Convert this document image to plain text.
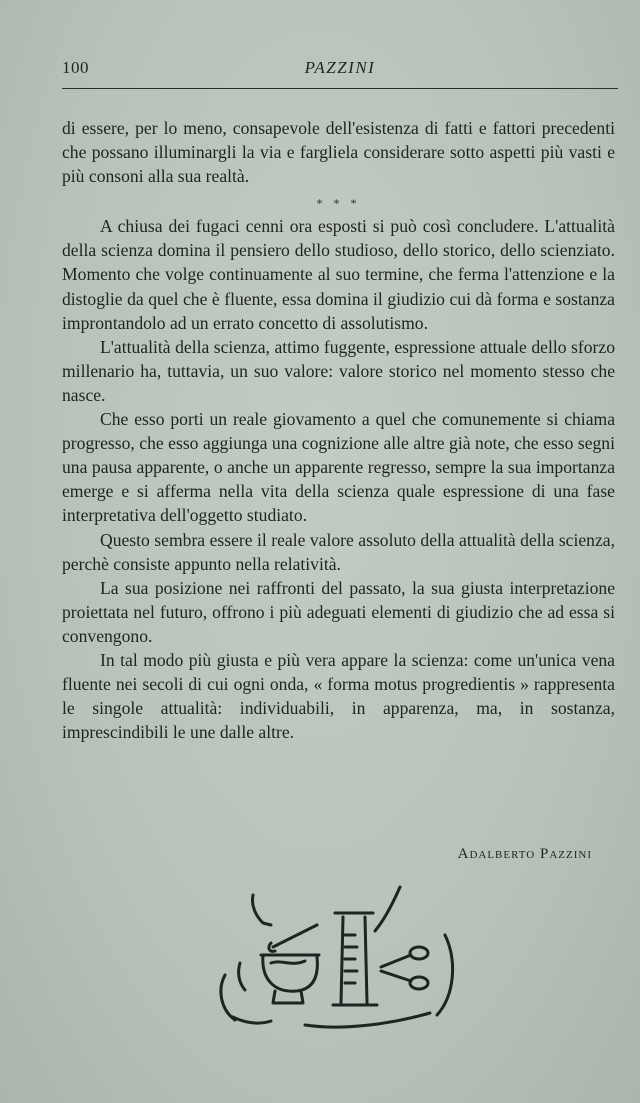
100	PAZZINI

di essere, per lo meno, consapevole dell'esistenza di fatti e fattori precedenti che possano illuminargli la via e fargliela considerare sotto aspetti più vasti e più consoni alla sua realtà.

* * *

A chiusa dei fugaci cenni ora esposti si può così concludere. L'attualità della scienza domina il pensiero dello studioso, dello storico, dello scienziato. Momento che volge continuamente al suo termine, che ferma l'attenzione e la distoglie da quel che è fluente, essa domina il giudizio cui dà forma e sostanza improntandolo ad un errato concetto di assolutismo.

L'attualità della scienza, attimo fuggente, espressione attuale dello sforzo millenario ha, tuttavia, un suo valore: valore storico nel momento stesso che nasce.

Che esso porti un reale giovamento a quel che comunemente si chiama progresso, che esso aggiunga una cognizione alle altre già note, che esso segni una pausa apparente, o anche un apparente regresso, sempre la sua importanza emerge e si afferma nella vita della scienza quale espressione di una fase interpretativa dell'oggetto studiato.

Questo sembra essere il reale valore assoluto della attualità della scienza, perchè consiste appunto nella relatività.

La sua posizione nei raffronti del passato, la sua giusta interpretazione proiettata nel futuro, offrono i più adeguati elementi di giudizio che ad essa si convengono.

In tal modo più giusta e più vera appare la scienza: come un'unica vena fluente nei secoli di cui ogni onda, « forma motus progredientis » rappresenta le singole attualità: individuabili, in apparenza, ma, in sostanza, imprescindibili le une dalle altre.

Adalberto Pazzini
